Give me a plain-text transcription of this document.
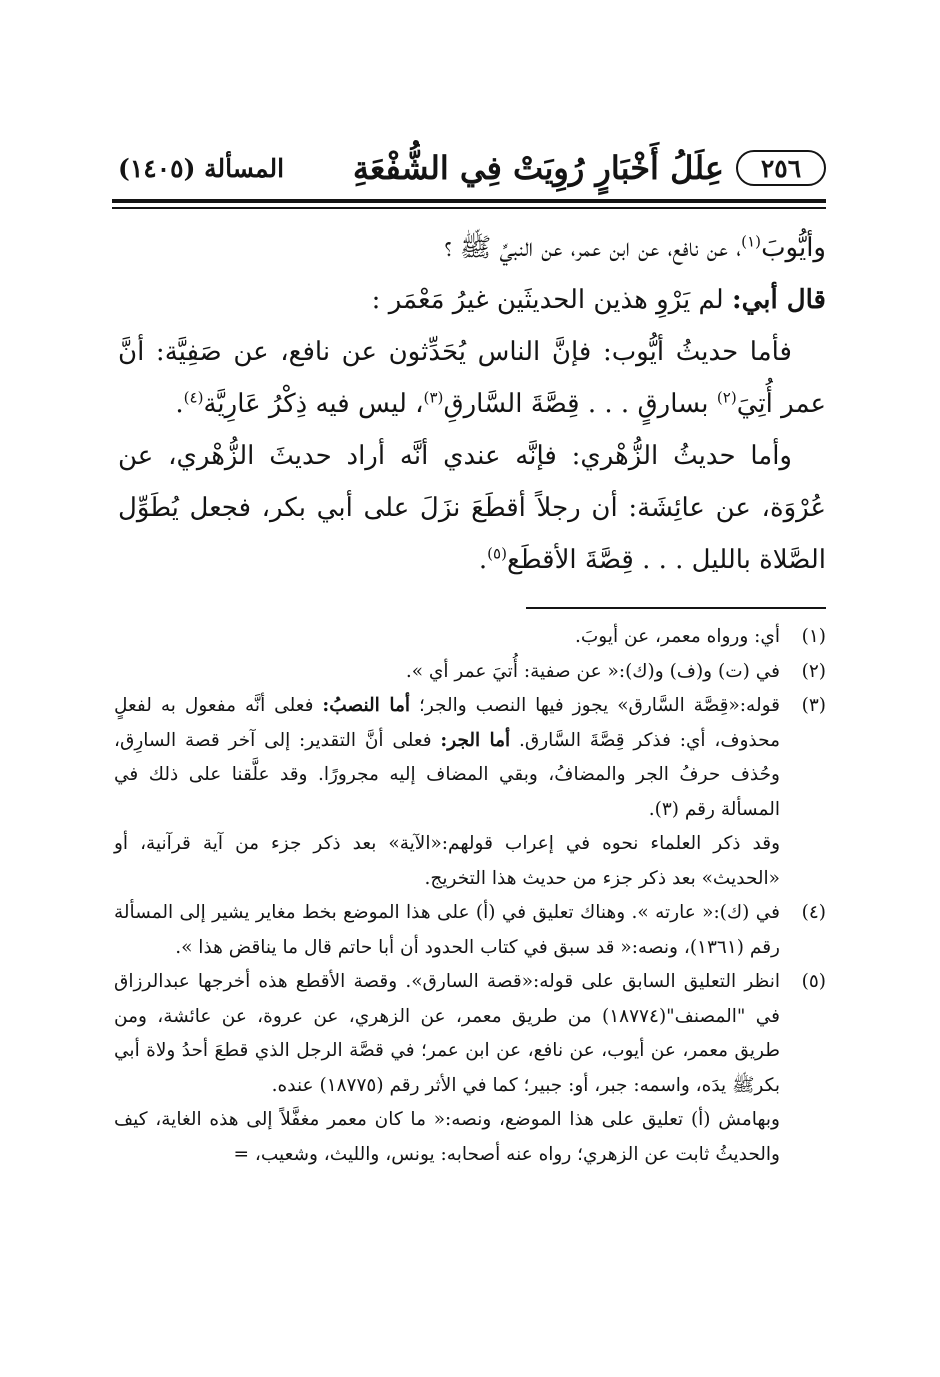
٢٥٦
عِلَلُ أَخْبَارٍ رُوِيَتْ فِي الشُّفْعَةِ
المسألة (١٤٠٥)

وأيُّوبَ$^{(١)}$، عن نافع، عن ابن عمر، عن النبيِّ ﷺ ؟

قال أبي: لم يَرْوِ هذين الحديثَين غيرُ مَعْمَر :

فأما حديثُ أيُّوب: فإنَّ الناس يُحَدِّثون عن نافع، عن صَفِيَّة: أنَّ عمر أُتِيَ$^{(٢)}$ بسارقٍ . . . قِصَّةَ السَّارقِ$^{(٣)}$، ليس فيه ذِكْرُ عَارِيَّة$^{(٤)}$.

وأما حديثُ الزُّهْري: فإنَّه عندي أنَّه أراد حديثَ الزُّهْري، عن عُرْوَة، عن عائِشَة: أن رجلاً أقطَعَ نزَلَ على أبي بكر، فجعل يُطَوِّل الصَّلاة بالليل . . . قِصَّةَ الأقطَع$^{(٥)}$.

(١)

أي: ورواه معمر، عن أيوبَ.

(٢)

في (ت) و(ف) و(ك):« عن صفية: أُتيَ عمر أي ».

(٣)

قوله:«قِصَّة السَّارق» يجوز فيها النصب والجر؛ أما النصبُ: فعلى أنَّه مفعول به لفعلٍ محذوف، أي: فذكر قِصَّةَ السَّارق. أما الجر: فعلى أنَّ التقدير: إلى آخر قصة السارِق، وحُذف حرفُ الجر والمضافُ، وبقي المضاف إليه مجرورًا. وقد علَّقنا على ذلك في المسألة رقم (٣).

وقد ذكر العلماء نحوه في إعراب قولهم:«الآية» بعد ذكر جزء من آية قرآنية، أو «الحديث» بعد ذكر جزء من حديث هذا التخريج.

(٤)

في (ك):« عارته ». وهناك تعليق في (أ) على هذا الموضع بخط مغاير يشير إلى المسألة رقم (١٣٦١)، ونصه:« قد سبق في كتاب الحدود أن أبا حاتم قال ما يناقض هذا ».

(٥)

انظر التعليق السابق على قوله:«قصة السارق». وقصة الأقطع هذه أخرجها عبدالرزاق في "المصنف"(١٨٧٧٤) من طريق معمر، عن الزهري، عن عروة، عن عائشة، ومن طريق معمر، عن أيوب، عن نافع، عن ابن عمر؛ في قصَّة الرجل الذي قطعَ أحدُ ولاة أبي بكرﷺ يدَه، واسمه: جبر، أو: جبير؛ كما في الأثر رقم (١٨٧٧٥) عنده.

وبهامش (أ) تعليق على هذا الموضع، ونصه:« ما كان معمر مغفَّلاً إلى هذه الغاية، كيف والحديثُ ثابت عن الزهري؛ رواه عنه أصحابه: يونس، والليث، وشعيب، =
